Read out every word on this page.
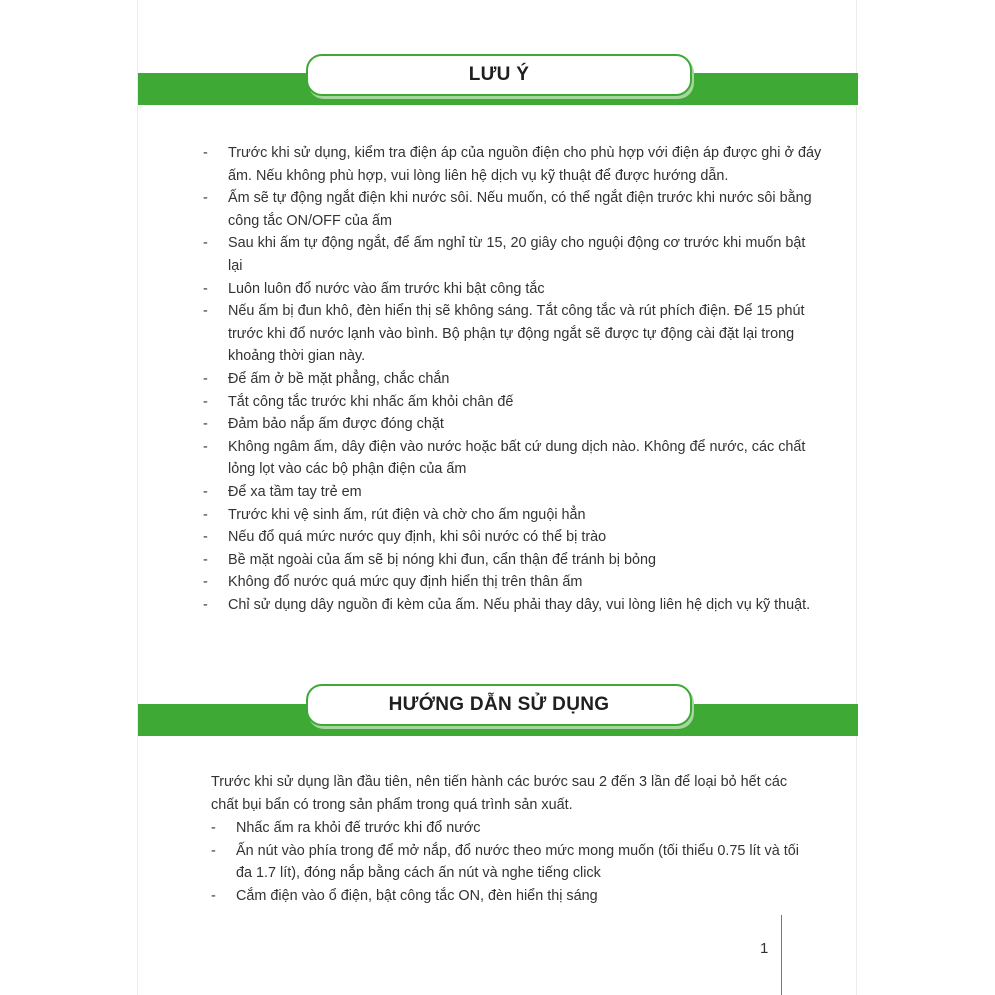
LƯU Ý
- Trước khi sử dụng, kiểm tra điện áp của nguồn điện cho phù hợp với điện áp được ghi ở đáy ấm. Nếu không phù hợp, vui lòng liên hệ dịch vụ kỹ thuật để được hướng dẫn.
- Ấm sẽ tự động ngắt điện khi nước sôi. Nếu muốn, có thể ngắt điện trước khi nước sôi bằng công tắc ON/OFF của ấm
- Sau khi ấm tự động ngắt, để ấm nghỉ từ 15, 20 giây cho nguội động cơ trước khi muốn bật lại
- Luôn luôn đổ nước vào ấm trước khi bật công tắc
- Nếu ấm bị đun khô, đèn hiển thị sẽ không sáng. Tắt công tắc và rút phích điện. Để 15 phút trước khi đổ nước lạnh vào bình. Bộ phận tự động ngắt sẽ được tự động cài đặt lại trong khoảng thời gian này.
- Để ấm ở bề mặt phẳng, chắc chắn
- Tắt công tắc trước khi nhấc ấm khỏi chân đế
- Đảm bảo nắp ấm được đóng chặt
- Không ngâm ấm, dây điện vào nước hoặc bất cứ dung dịch nào. Không để nước, các chất lỏng lọt vào các bộ phận điện của ấm
- Để xa tầm tay trẻ em
- Trước khi vệ sinh ấm, rút điện và chờ cho ấm nguội hẳn
- Nếu đổ quá mức nước quy định, khi sôi nước có thể bị trào
- Bề mặt ngoài của ấm sẽ bị nóng khi đun, cẩn thận để tránh bị bỏng
- Không đổ nước quá mức quy định hiển thị trên thân ấm
- Chỉ sử dụng dây nguồn đi kèm của ấm. Nếu phải thay dây, vui lòng liên hệ dịch vụ kỹ thuật.
HƯỚNG DẪN SỬ DỤNG

Trước khi sử dụng lần đầu tiên, nên tiến hành các bước sau 2 đến 3 lần để loại bỏ hết các chất bụi bẩn có trong sản phẩm trong quá trình sản xuất.

- Nhấc ấm ra khỏi đế trước khi đổ nước
- Ấn nút vào phía trong để mở nắp, đổ nước theo mức mong muốn (tối thiểu 0.75 lít và tối đa 1.7 lít), đóng nắp bằng cách ấn nút và nghe tiếng click
- Cắm điện vào ổ điện, bật công tắc ON, đèn hiển thị sáng
1
